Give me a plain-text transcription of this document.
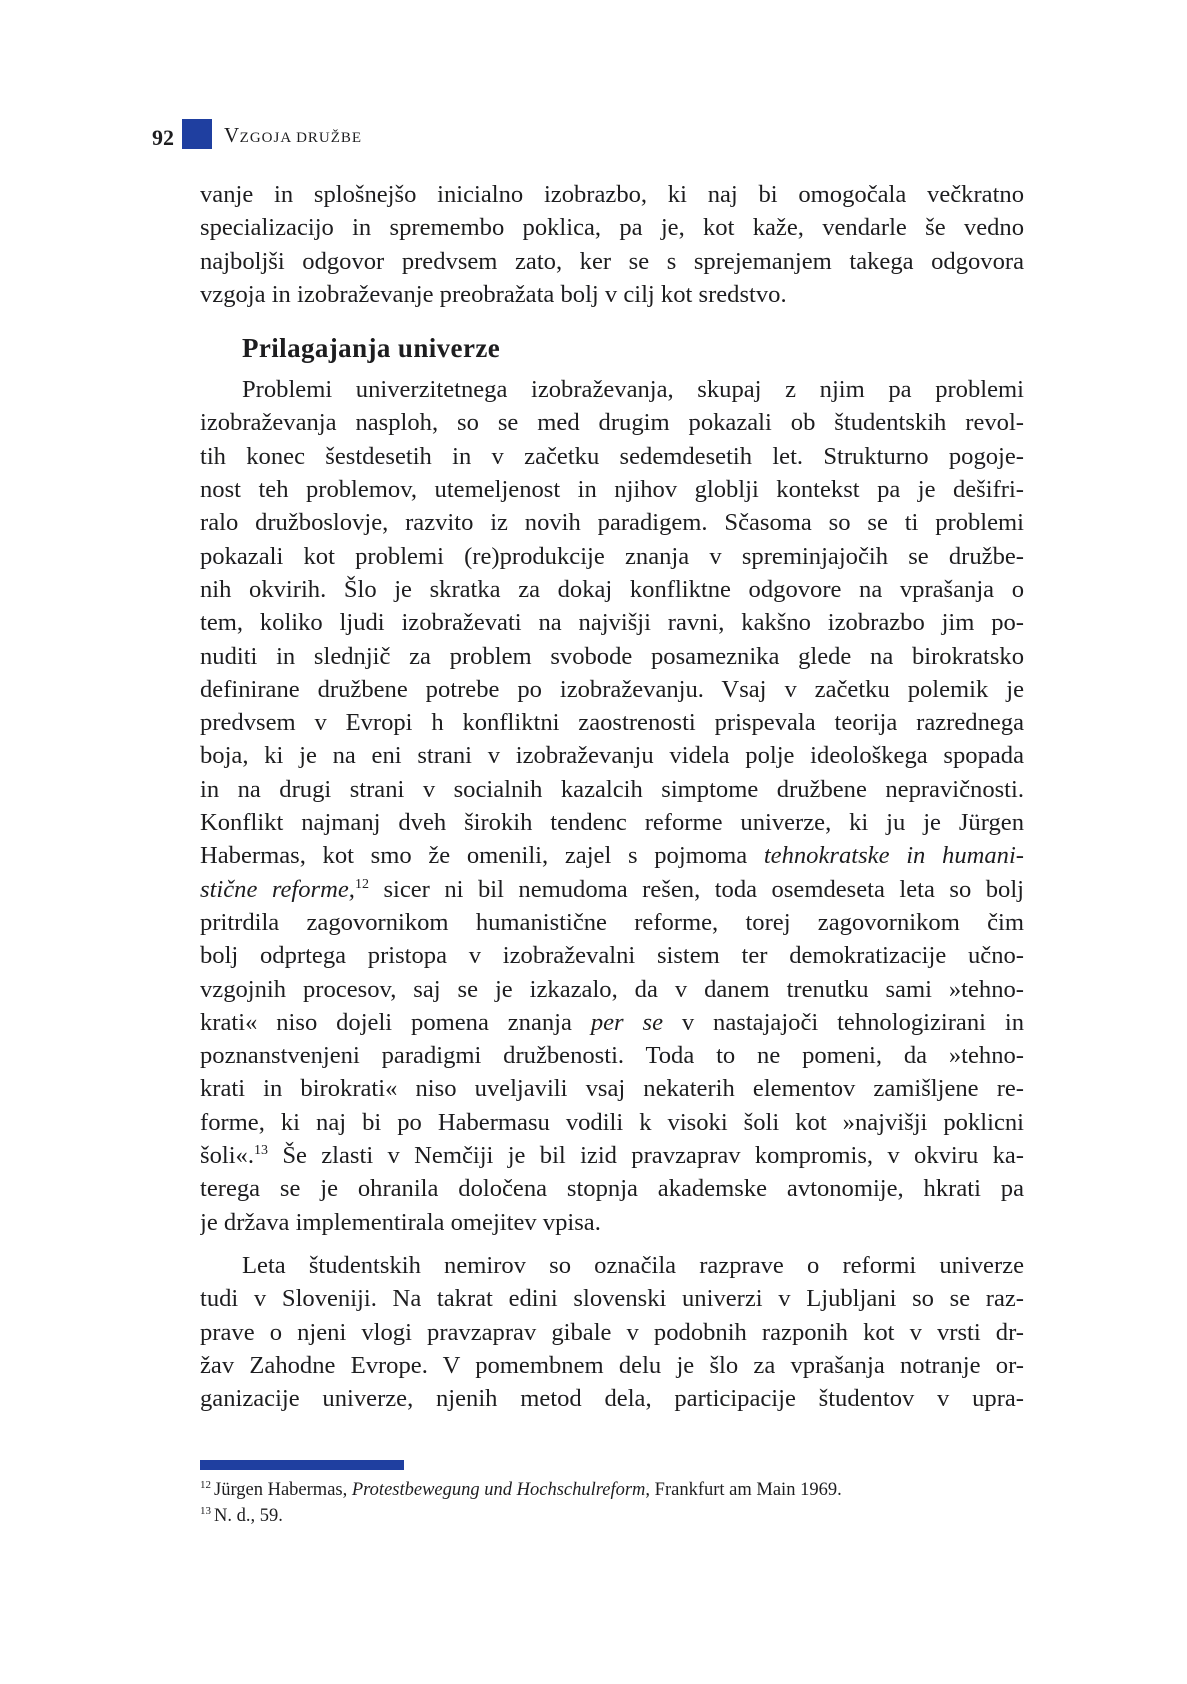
92 VZGOJA DRUŽBE
vanje in splošnejšo inicialno izobrazbo, ki naj bi omogočala večkratno
specializacijo in spremembo poklica, pa je, kot kaže, vendarle še vedno
najboljši odgovor predvsem zato, ker se s sprejemanjem takega odgovora
vzgoja in izobraževanje preobražata bolj v cilj kot sredstvo.
Prilagajanja univerze
Problemi univerzitetnega izobraževanja, skupaj z njim pa problemi
izobraževanja nasploh, so se med drugim pokazali ob študentskih revol-
tih konec šestdesetih in v začetku sedemdesetih let. Strukturno pogoje-
nost teh problemov, utemeljenost in njihov globlji kontekst pa je dešifri-
ralo družboslovje, razvito iz novih paradigem. Sčasoma so se ti problemi
pokazali kot problemi (re)produkcije znanja v spreminjajočih se družbe-
nih okvirih. Šlo je skratka za dokaj konfliktne odgovore na vprašanja o
tem, koliko ljudi izobraževati na najvišji ravni, kakšno izobrazbo jim po-
nuditi in slednjič za problem svobode posameznika glede na birokratsko
definirane družbene potrebe po izobraževanju. Vsaj v začetku polemik je
predvsem v Evropi h konfliktni zaostrenosti prispevala teorija razrednega
boja, ki je na eni strani v izobraževanju videla polje ideološkega spopada
in na drugi strani v socialnih kazalcih simptome družbene nepravičnosti.
Konflikt najmanj dveh širokih tendenc reforme univerze, ki ju je Jürgen
Habermas, kot smo že omenili, zajel s pojmoma tehnokratske in humani-
stične reforme,$^{12}$ sicer ni bil nemudoma rešen, toda osemdeseta leta so bolj
pritrdila zagovornikom humanistične reforme, torej zagovornikom čim
bolj odprtega pristopa v izobraževalni sistem ter demokratizacije učno-
vzgojnih procesov, saj se je izkazalo, da v danem trenutku sami »tehno-
krati« niso dojeli pomena znanja per se v nastajajoči tehnologizirani in
poznanstvenjeni paradigmi družbenosti. Toda to ne pomeni, da »tehno-
krati in birokrati« niso uveljavili vsaj nekaterih elementov zamišljene re-
forme, ki naj bi po Habermasu vodili k visoki šoli kot »najvišji poklicni
šoli«.$^{13}$ Še zlasti v Nemčiji je bil izid pravzaprav kompromis, v okviru ka-
terega se je ohranila določena stopnja akademske avtonomije, hkrati pa
je država implementirala omejitev vpisa.
Leta študentskih nemirov so označila razprave o reformi univerze
tudi v Sloveniji. Na takrat edini slovenski univerzi v Ljubljani so se raz-
prave o njeni vlogi pravzaprav gibale v podobnih razponih kot v vrsti dr-
žav Zahodne Evrope. V pomembnem delu je šlo za vprašanja notranje or-
ganizacije univerze, njenih metod dela, participacije študentov v upra-
$^{12}$ Jürgen Habermas, Protestbewegung und Hochschulreform, Frankfurt am Main 1969.
$^{13}$ N. d., 59.
